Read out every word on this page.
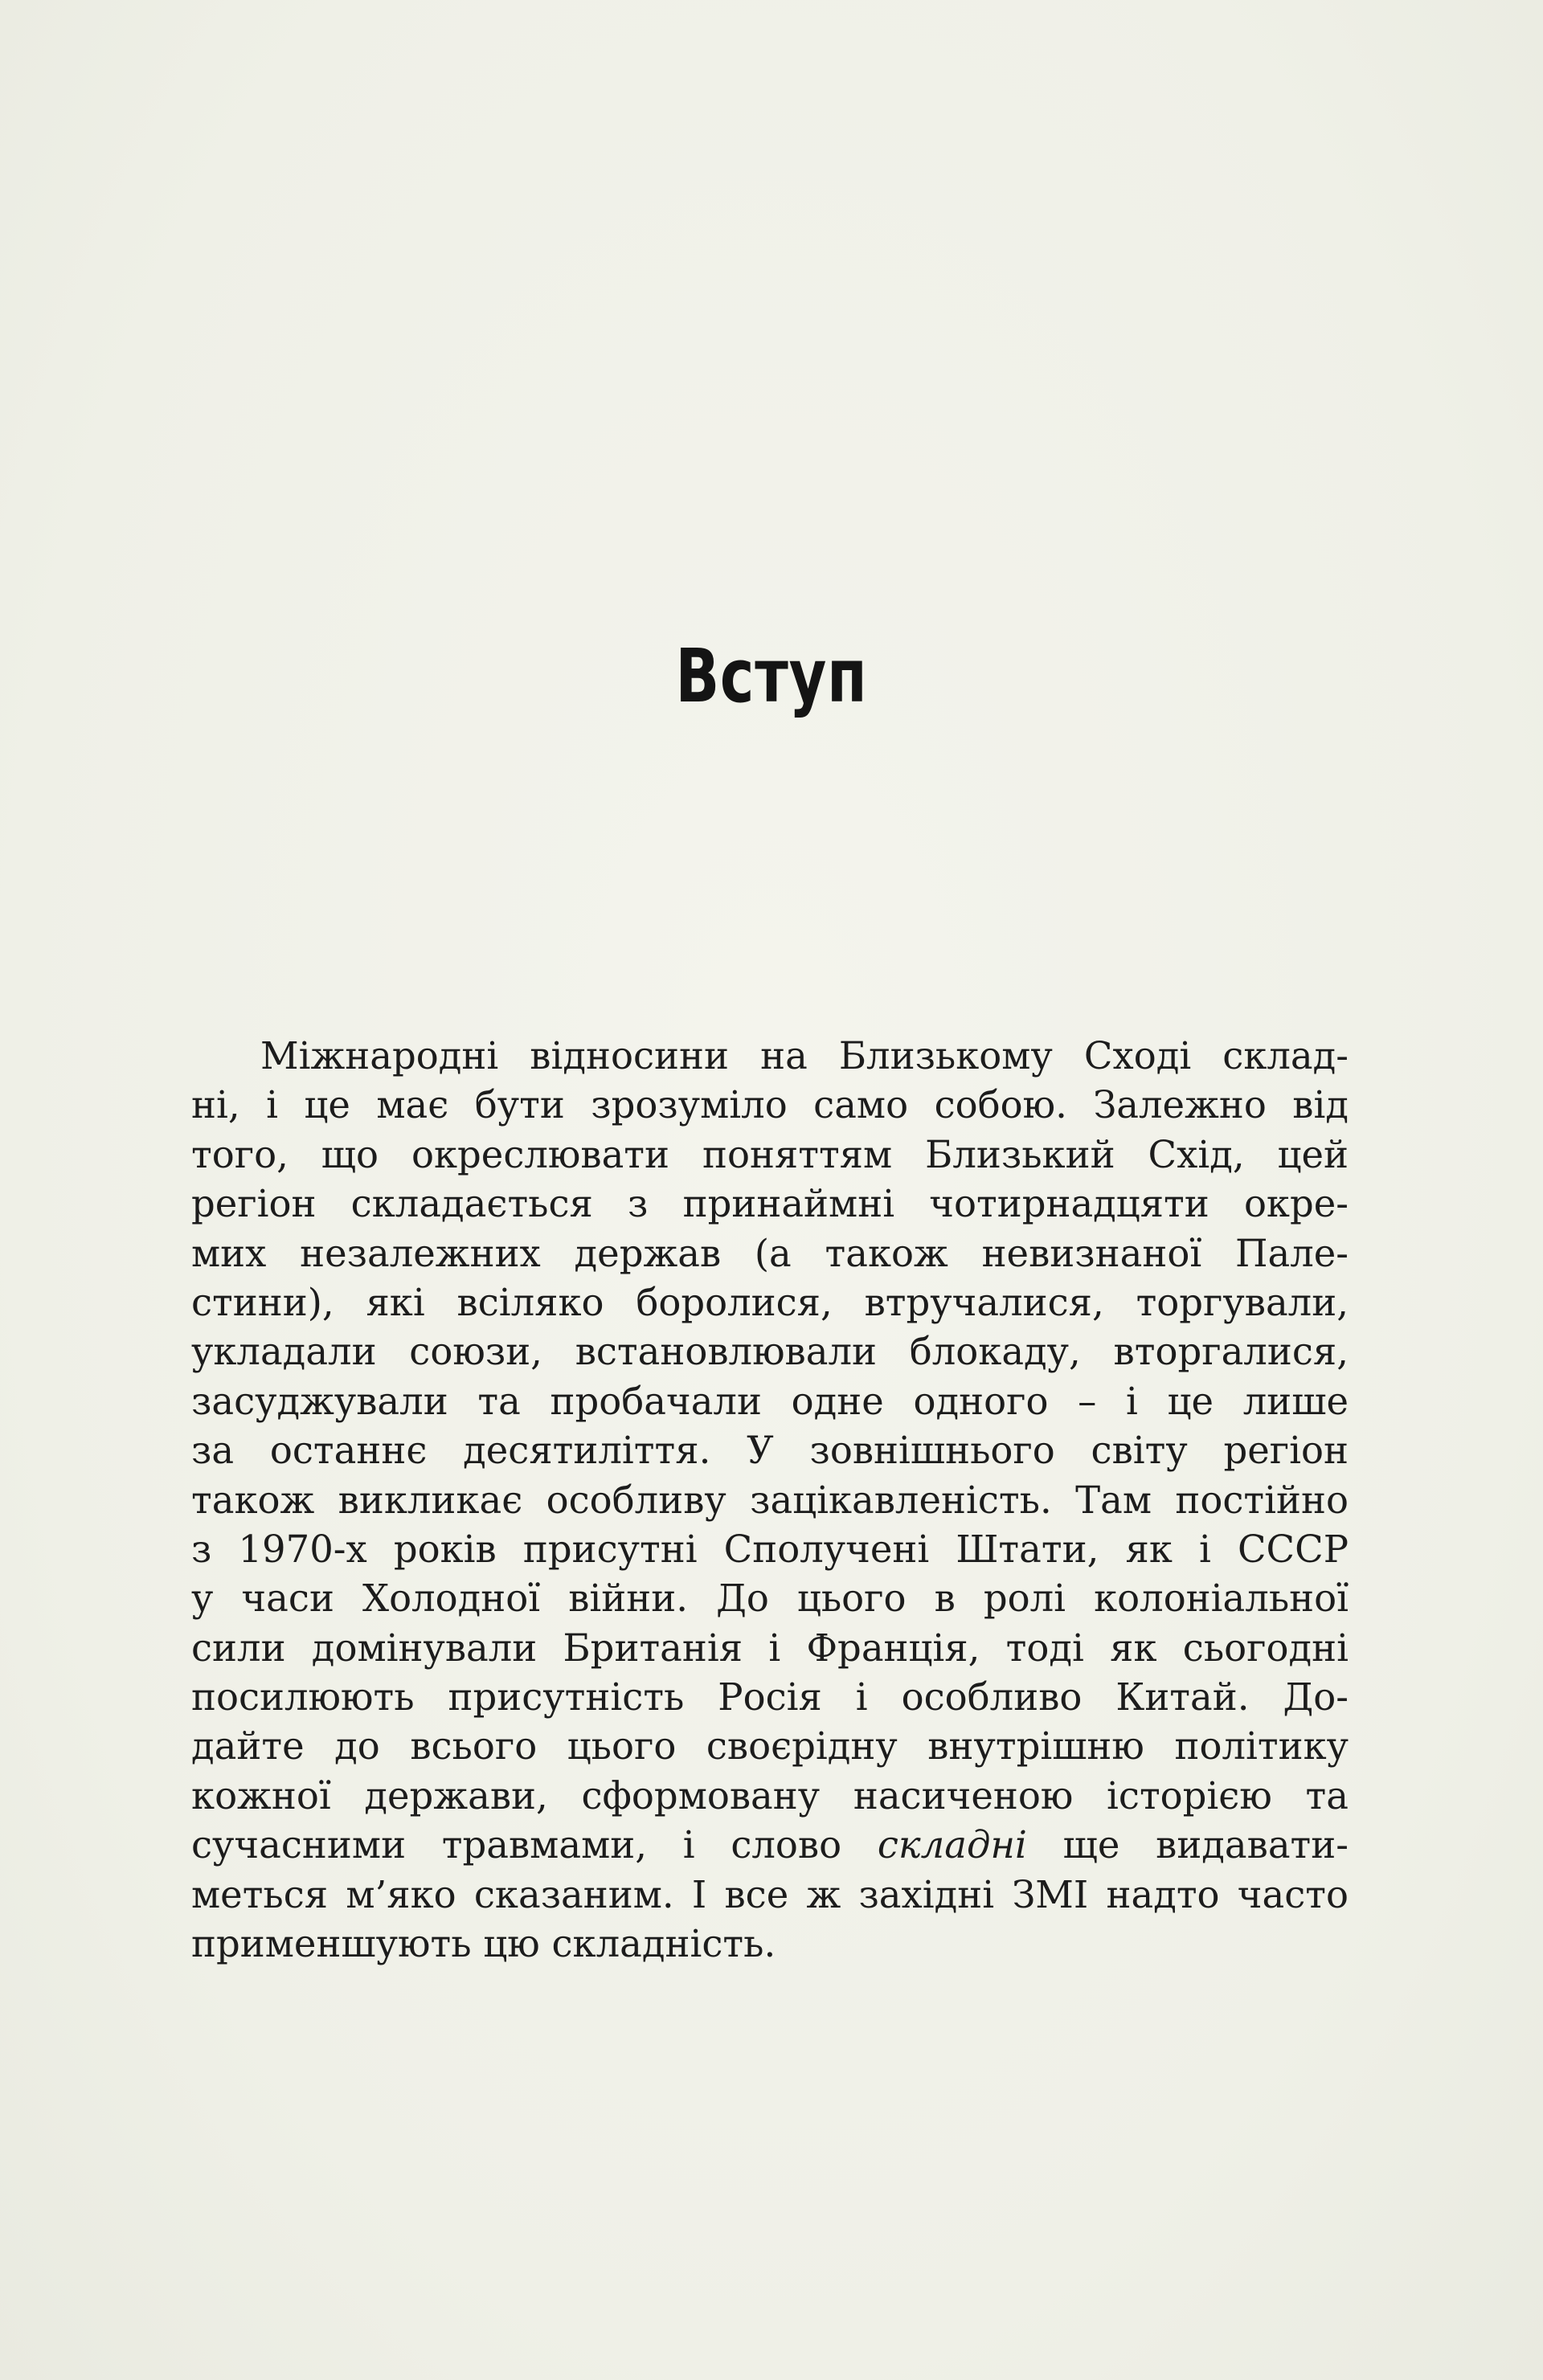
Вступ
Міжнародні відносини на Близькому Сході склад-
ні, і це має бути зрозуміло само собою. Залежно від
того, що окреслювати поняттям Близький Схід, цей
регіон складається з принаймні чотирнадцяти окре-
мих незалежних держав (а також невизнаної Пале-
стини), які всіляко боролися, втручалися, торгували,
укладали союзи, встановлювали блокаду, вторгалися,
засуджували та пробачали одне одного – і це лише
за останнє десятиліття. У зовнішнього світу регіон
також викликає особливу зацікавленість. Там постійно
з 1970-х років присутні Сполучені Штати, як і СССР
у часи Холодної війни. До цього в ролі колоніальної
сили домінували Британія і Франція, тоді як сьогодні
посилюють присутність Росія і особливо Китай. До-
дайте до всього цього своєрідну внутрішню політику
кожної держави, сформовану насиченою історією та
сучасними травмами, і слово складні ще видавати-
меться м’яко сказаним. І все ж західні ЗМІ надто часто
применшують цю складність.
